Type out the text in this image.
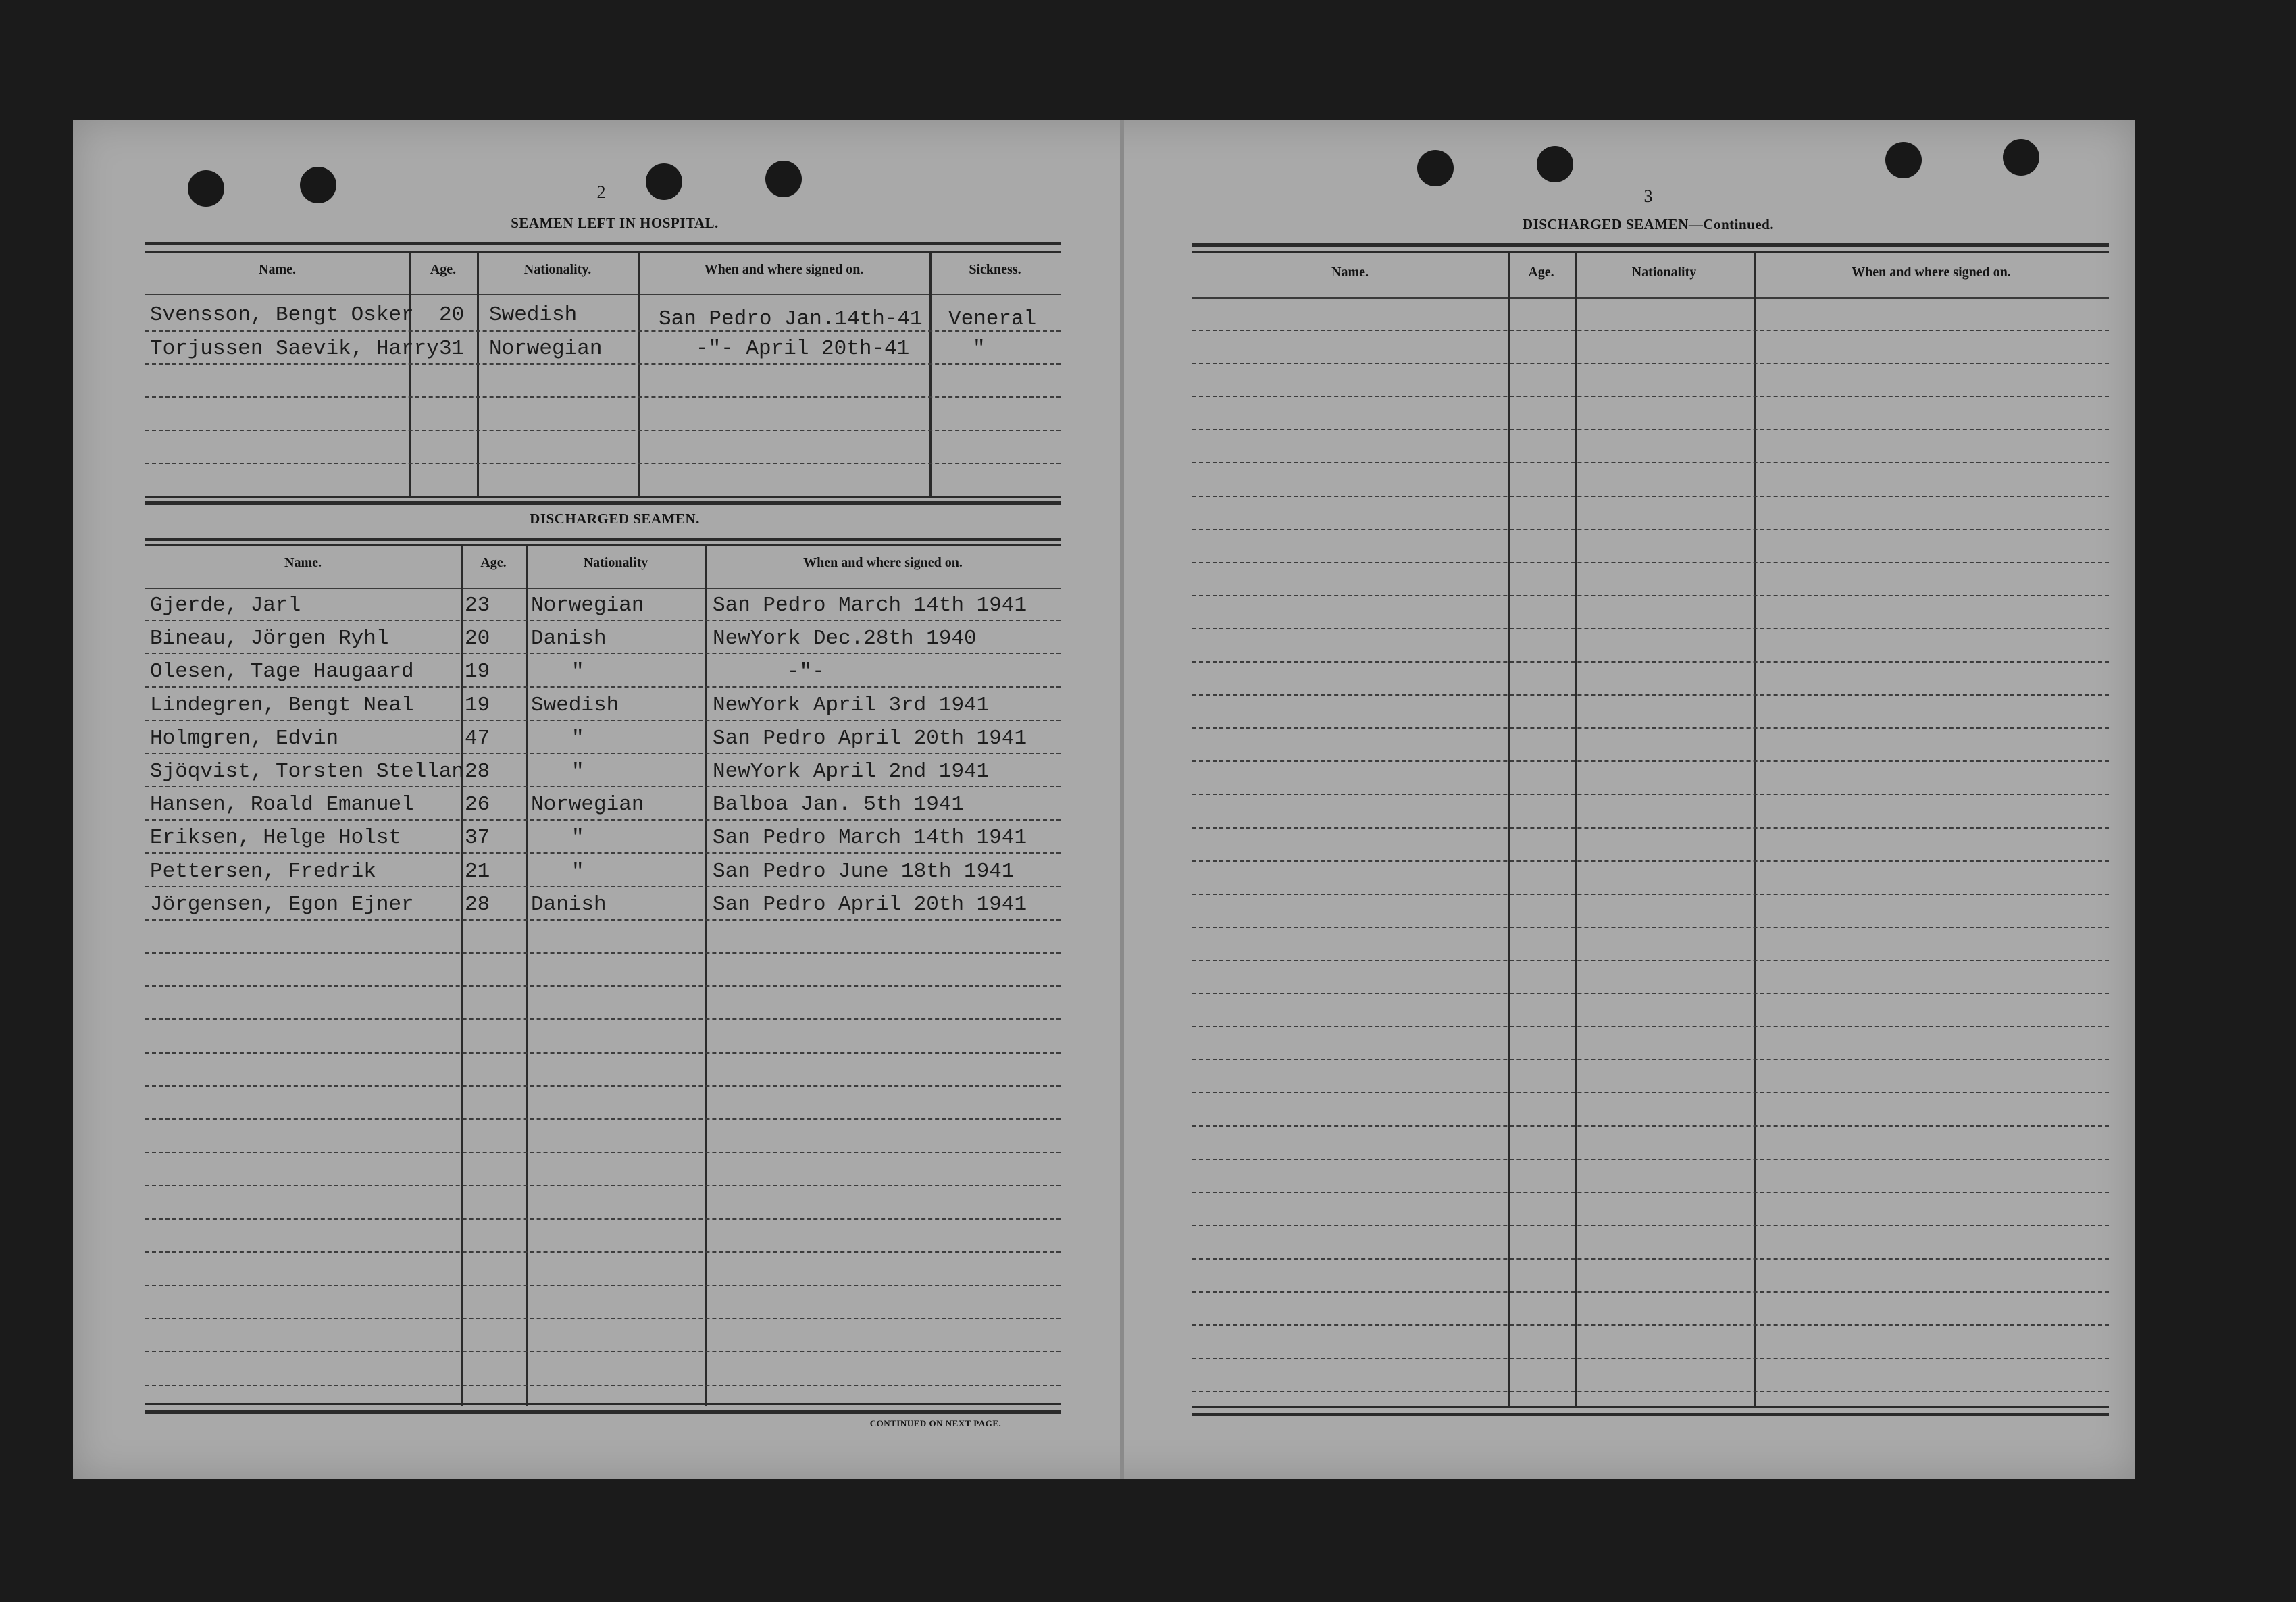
2
SEAMEN LEFT IN HOSPITAL.
Name.	Age.	Nationality.	When and where signed on.	Sickness.
Svensson, Bengt Osker 20 Swedish	San Pedro Jan.14th-41 Veneral
Torjussen Saevik, Harry 31 Norwegian	-"- April 20th-41	"
DISCHARGED SEAMEN.
Name.	Age.	Nationality	When and where signed on.
Gjerde, Jarl	23 Norwegian	San Pedro March 14th 1941
Bineau, Jörgen Ryhl	20 Danish	NewYork Dec.28th 1940
Olesen, Tage Haugaard 19	"	-"-
Lindegren, Bengt Neal 19 Swedish	NewYork April 3rd 1941
Holmgren, Edvin	47	"	San Pedro April 20th 1941
Sjöqvist, Torsten Stellan 28	"	NewYork April 2nd 1941
Hansen, Roald Emanuel 26 Norwegian	Balboa Jan. 5th 1941
Eriksen, Helge Holst	37	"	San Pedro March 14th 1941
Pettersen, Fredrik	21	"	San Pedro June 18th 1941
Jörgensen, Egon Ejner 28 Danish	San Pedro April 20th 1941
CONTINUED ON NEXT PAGE.
3
DISCHARGED SEAMEN—Continued.
Name.	Age.	Nationality	When and where signed on.
